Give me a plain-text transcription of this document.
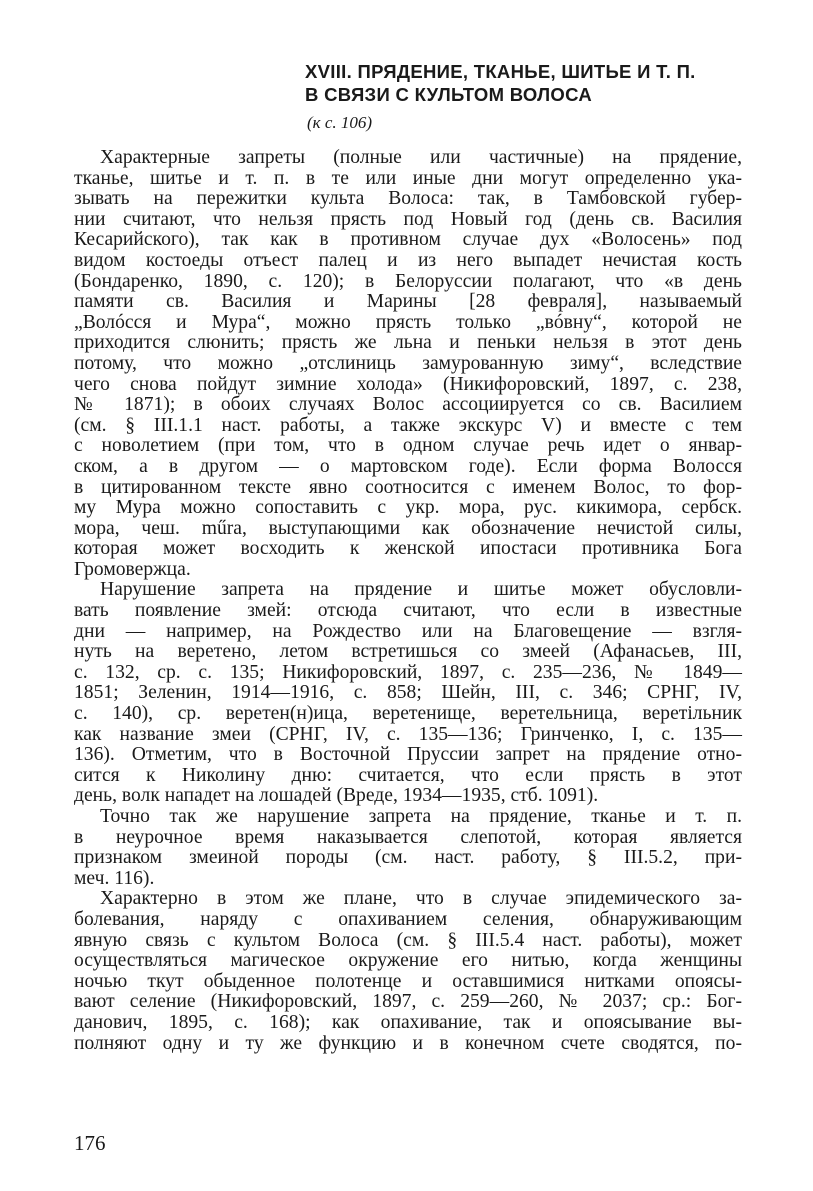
XVIII. ПРЯДЕНИЕ, ТКАНЬЕ, ШИТЬЕ И Т. П.
В СВЯЗИ С КУЛЬТОМ ВОЛОСА
(к с. 106)
Характерные запреты (полные или частичные) на прядение,
тканье, шитье и т. п. в те или иные дни могут определенно ука-
зывать на пережитки культа Волоса: так, в Тамбовской губер-
нии считают, что нельзя прясть под Новый год (день св. Василия
Кесарийского), так как в противном случае дух «Волосень» под
видом костоеды отъест палец и из него выпадет нечистая кость
(Бондаренко, 1890, с. 120); в Белоруссии полагают, что «в день
памяти св. Василия и Марины [28 февраля], называемый
„Волócся и Мура“, можно прясть только „вóвну“, которой не
приходится слюнить; прясть же льна и пеньки нельзя в этот день
потому, что можно „отслиниць замурованную зиму“, вследствие
чего снова пойдут зимние холода» (Никифоровский, 1897, с. 238,
№ 1871); в обоих случаях Волос ассоциируется со св. Василием
(см. § III.1.1 наст. работы, а также экскурс V) и вместе с тем
с новолетием (при том, что в одном случае речь идет о январ-
ском, а в другом — о мартовском годе). Если форма Волосся
в цитированном тексте явно соотносится с именем Волос, то фор-
му Мура можно сопоставить с укр. мора, рус. кикимора, сербск.
мора, чеш. műra, выступающими как обозначение нечистой силы,
которая может восходить к женской ипостаси противника Бога
Громовержца.
Нарушение запрета на прядение и шитье может обусловли-
вать появление змей: отсюда считают, что если в известные
дни — например, на Рождество или на Благовещение — взгля-
нуть на веретено, летом встретишься со змеей (Афанасьев, III,
с. 132, ср. с. 135; Никифоровский, 1897, с. 235—236, № 1849—
1851; Зеленин, 1914—1916, с. 858; Шейн, III, с. 346; СРНГ, IV,
с. 140), ср. веретен(н)ица, веретенище, веретельница, веретільник
как название змеи (СРНГ, IV, с. 135—136; Гринченко, I, с. 135—
136). Отметим, что в Восточной Пруссии запрет на прядение отно-
сится к Николину дню: считается, что если прясть в этот
день, волк нападет на лошадей (Вреде, 1934—1935, стб. 1091).
Точно так же нарушение запрета на прядение, тканье и т. п.
в неурочное время наказывается слепотой, которая является
признаком змеиной породы (см. наст. работу, § III.5.2, при-
меч. 116).
Характерно в этом же плане, что в случае эпидемического за-
болевания, наряду с опахиванием селения, обнаруживающим
явную связь с культом Волоса (см. § III.5.4 наст. работы), может
осуществляться магическое окружение его нитью, когда женщины
ночью ткут обыденное полотенце и оставшимися нитками опоясы-
вают селение (Никифоровский, 1897, с. 259—260, № 2037; ср.: Бог-
данович, 1895, с. 168); как опахивание, так и опоясывание вы-
полняют одну и ту же функцию и в конечном счете сводятся, по-
176
